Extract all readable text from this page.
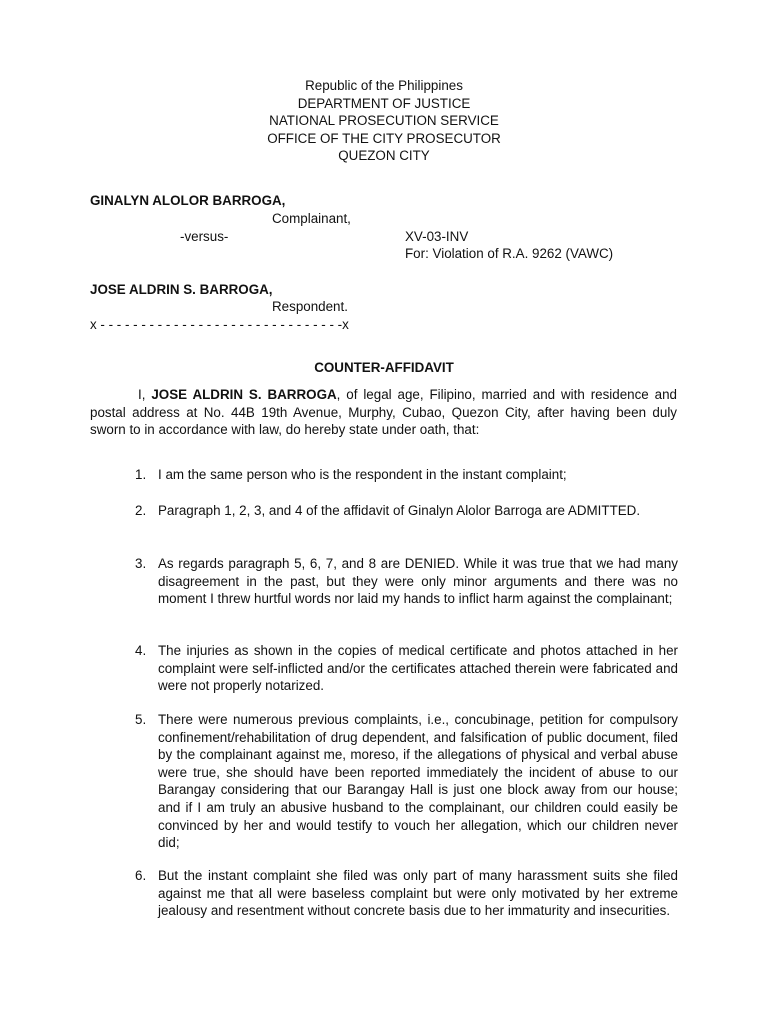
Republic of the Philippines
DEPARTMENT OF JUSTICE
NATIONAL PROSECUTION SERVICE
OFFICE OF THE CITY PROSECUTOR
QUEZON CITY
GINALYN ALOLOR BARROGA,
Complainant,
-versus-	XV-03-INV
For: Violation of R.A. 9262 (VAWC)
JOSE ALDRIN S. BARROGA,
Respondent.
x - - - - - - - - - - - - - - - - - - - - - - - - - - - - - -x
COUNTER-AFFIDAVIT
I, JOSE ALDRIN S. BARROGA, of legal age, Filipino, married and with residence and postal address at No. 44B 19th Avenue, Murphy, Cubao, Quezon City, after having been duly sworn to in accordance with law, do hereby state under oath, that:
1. I am the same person who is the respondent in the instant complaint;
2. Paragraph 1, 2, 3, and 4 of the affidavit of Ginalyn Alolor Barroga are ADMITTED.
3. As regards paragraph 5, 6, 7, and 8 are DENIED. While it was true that we had many disagreement in the past, but they were only minor arguments and there was no moment I threw hurtful words nor laid my hands to inflict harm against the complainant;
4. The injuries as shown in the copies of medical certificate and photos attached in her complaint were self-inflicted and/or the certificates attached therein were fabricated and were not properly notarized.
5. There were numerous previous complaints, i.e., concubinage, petition for compulsory confinement/rehabilitation of drug dependent, and falsification of public document, filed by the complainant against me, moreso, if the allegations of physical and verbal abuse were true, she should have been reported immediately the incident of abuse to our Barangay considering that our Barangay Hall is just one block away from our house; and if I am truly an abusive husband to the complainant, our children could easily be convinced by her and would testify to vouch her allegation, which our children never did;
6. But the instant complaint she filed was only part of many harassment suits she filed against me that all were baseless complaint but were only motivated by her extreme jealousy and resentment without concrete basis due to her immaturity and insecurities.
